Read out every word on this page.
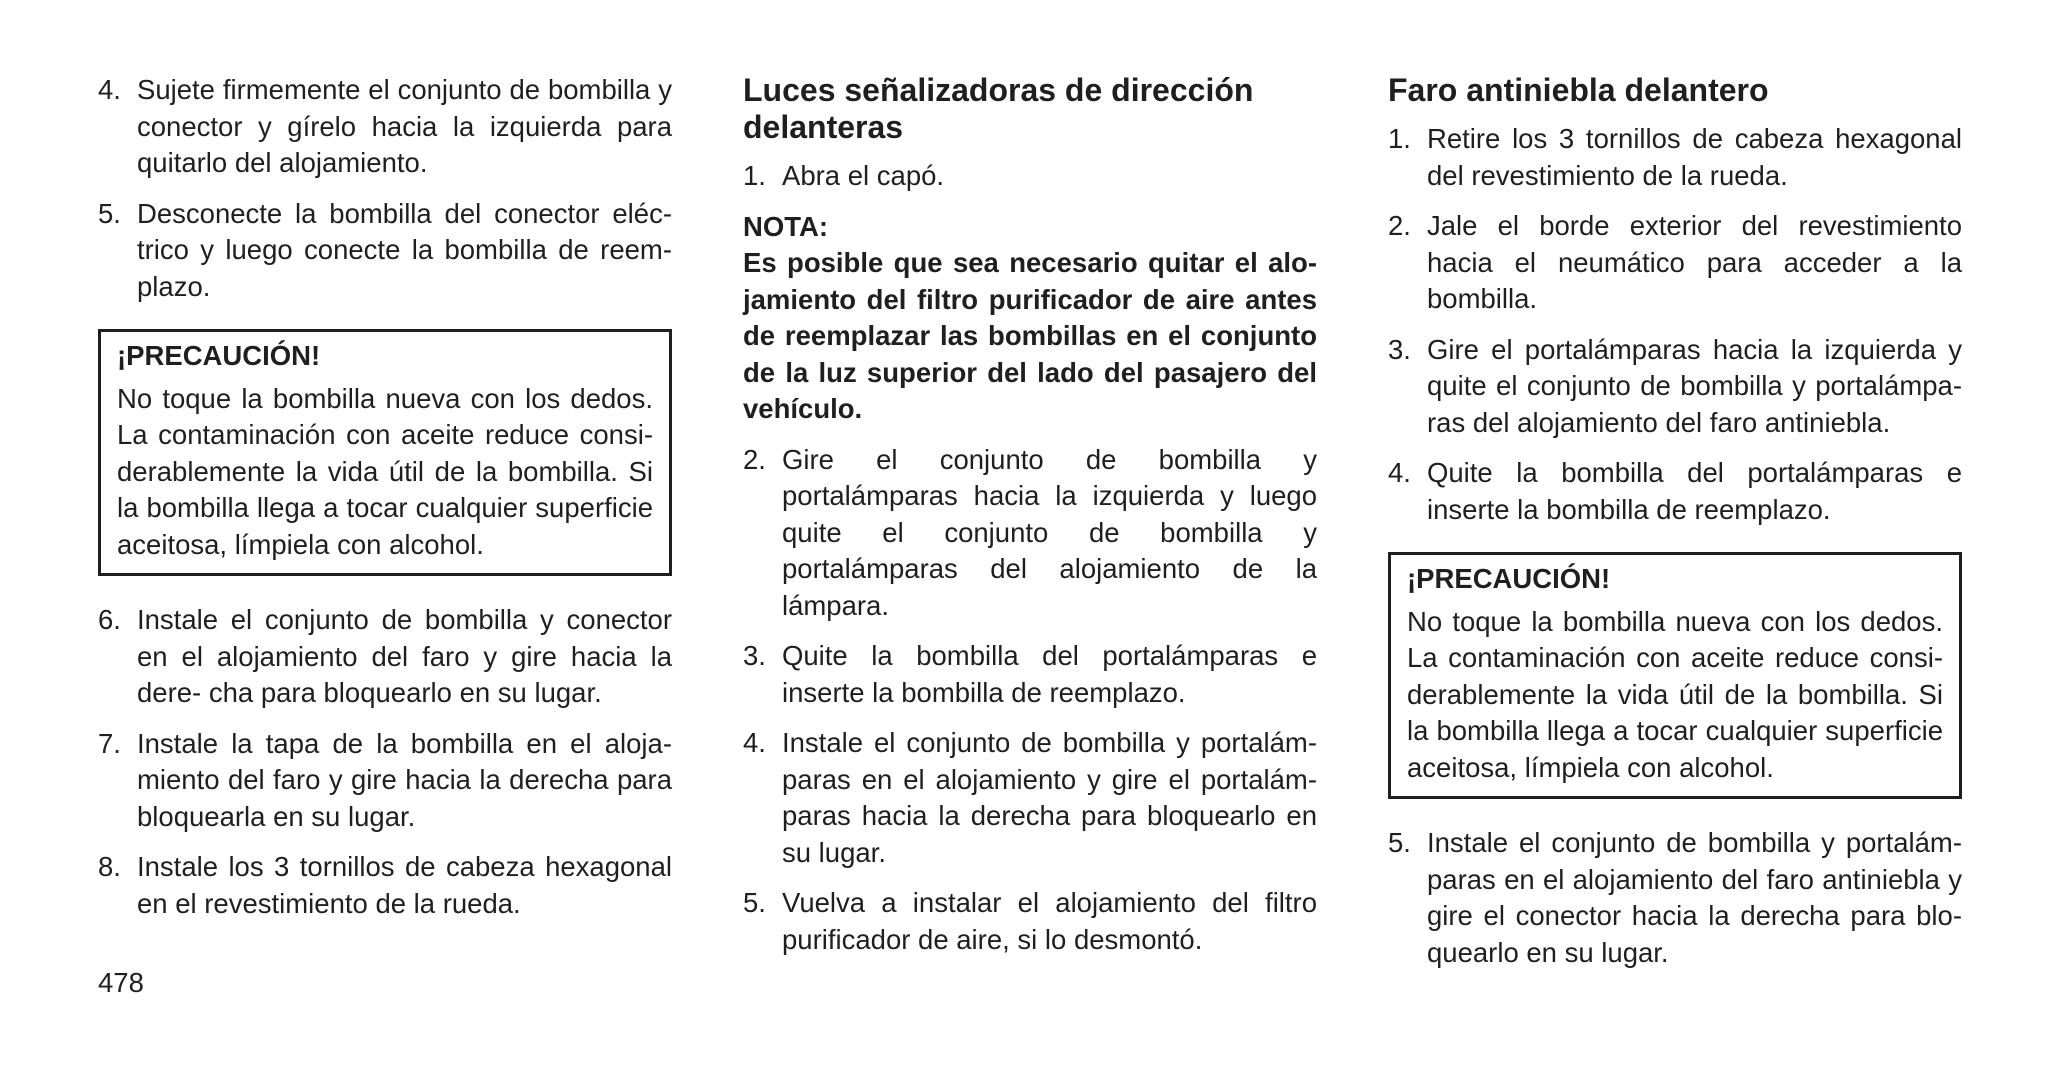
4. Sujete firmemente el conjunto de bombilla y conector y gírelo hacia la izquierda para quitarlo del alojamiento.
5. Desconecte la bombilla del conector eléc- trico y luego conecte la bombilla de reem- plazo.
¡PRECAUCIÓN!
No toque la bombilla nueva con los dedos. La contaminación con aceite reduce consi- derablemente la vida útil de la bombilla. Si la bombilla llega a tocar cualquier superficie aceitosa, límpiela con alcohol.
6. Instale el conjunto de bombilla y conector en el alojamiento del faro y gire hacia la dere- cha para bloquearlo en su lugar.
7. Instale la tapa de la bombilla en el aloja- miento del faro y gire hacia la derecha para bloquearla en su lugar.
8. Instale los 3 tornillos de cabeza hexagonal en el revestimiento de la rueda.
Luces señalizadoras de dirección delanteras
1. Abra el capó.
NOTA:
Es posible que sea necesario quitar el alo- jamiento del filtro purificador de aire antes de reemplazar las bombillas en el conjunto de la luz superior del lado del pasajero del vehículo.
2. Gire el conjunto de bombilla y portalámparas hacia la izquierda y luego quite el conjunto de bombilla y portalámparas del alojamiento de la lámpara.
3. Quite la bombilla del portalámparas e inserte la bombilla de reemplazo.
4. Instale el conjunto de bombilla y portalám- paras en el alojamiento y gire el portalám- paras hacia la derecha para bloquearlo en su lugar.
5. Vuelva a instalar el alojamiento del filtro purificador de aire, si lo desmontó.
Faro antiniebla delantero
1. Retire los 3 tornillos de cabeza hexagonal del revestimiento de la rueda.
2. Jale el borde exterior del revestimiento hacia el neumático para acceder a la bombilla.
3. Gire el portalámparas hacia la izquierda y quite el conjunto de bombilla y portalámpa- ras del alojamiento del faro antiniebla.
4. Quite la bombilla del portalámparas e inserte la bombilla de reemplazo.
¡PRECAUCIÓN!
No toque la bombilla nueva con los dedos. La contaminación con aceite reduce consi- derablemente la vida útil de la bombilla. Si la bombilla llega a tocar cualquier superficie aceitosa, límpiela con alcohol.
5. Instale el conjunto de bombilla y portalám- paras en el alojamiento del faro antiniebla y gire el conector hacia la derecha para blo- quearlo en su lugar.
478
